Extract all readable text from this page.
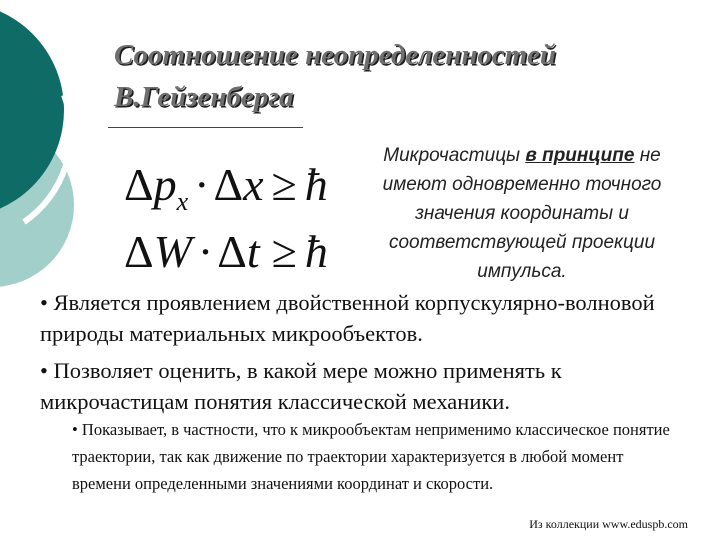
Соотношение неопределенностей
В.Гейзенберга
$\Delta p_x \cdot\Delta x$ ≥ ħ
ΔW ·Δt ≥ ħ
Микрочастицы в принципе не имеют одновременно точного значения координаты и соответствующей проекции импульса.

• Является проявлением двойственной корпускулярно-волновой природы материальных микрообъектов.

• Позволяет оценить, в какой мере можно применять к микрочастицам понятия классической механики.

• Показывает, в частности, что к микрообъектам неприменимо классическое понятие траектории, так как движение по траектории характеризуется в любой момент времени определенными значениями координат и скорости.
Из коллекции www.eduspb.com
